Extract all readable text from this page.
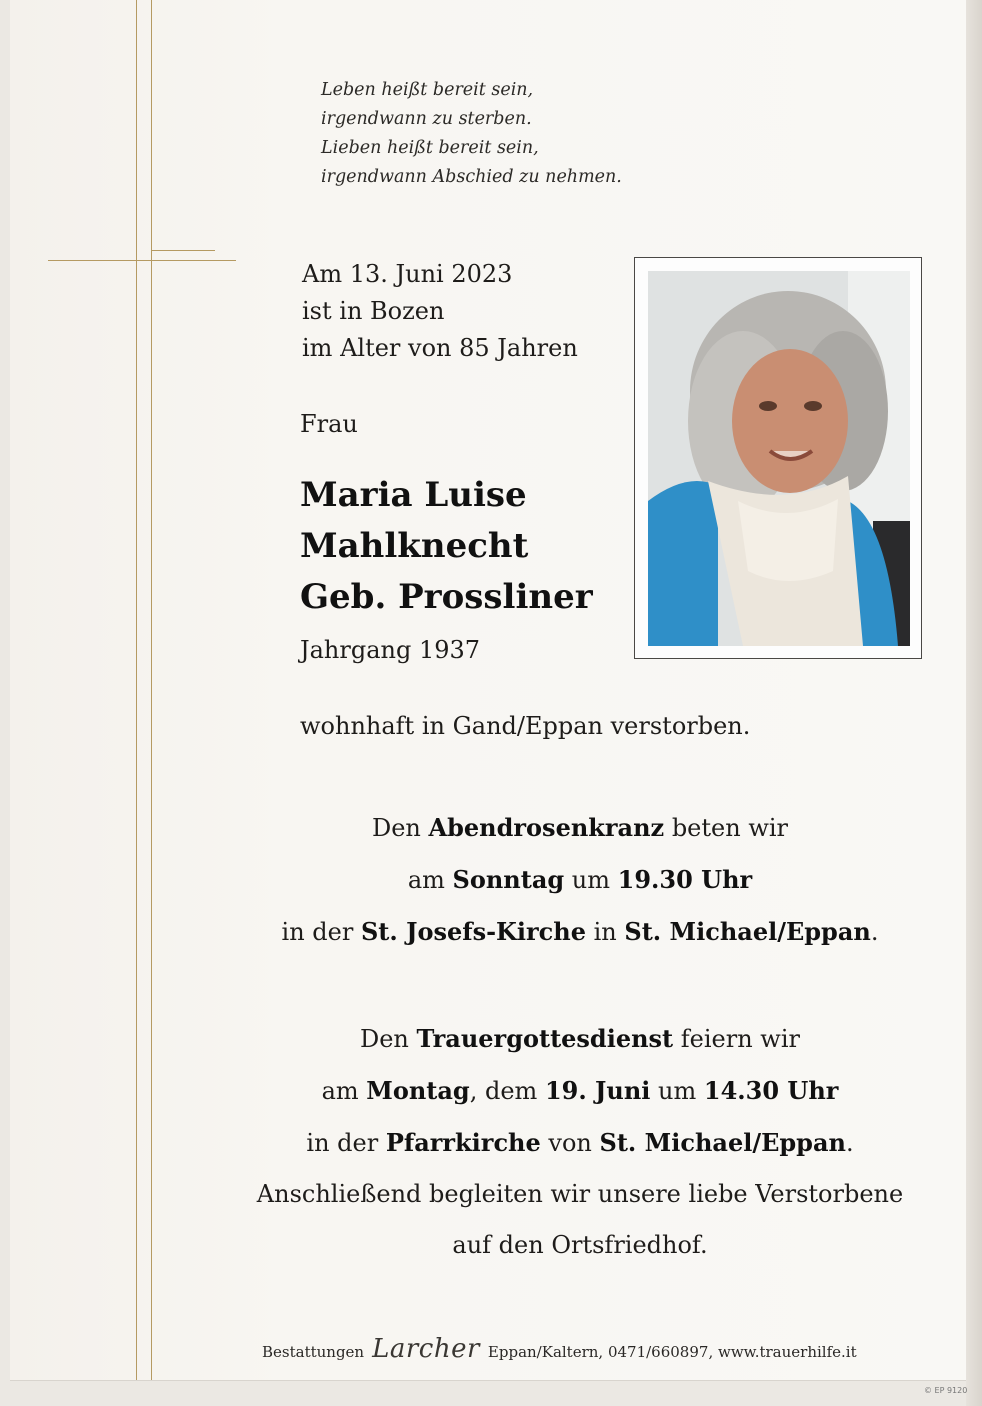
Leben heißt bereit sein,
irgendwann zu sterben.
Lieben heißt bereit sein,
irgendwann Abschied zu nehmen.
Am 13. Juni 2023
ist in Bozen
im Alter von 85 Jahren
Frau
Maria Luise
Mahlknecht
Geb. Prossliner
Jahrgang 1937
wohnhaft in Gand/Eppan verstorben.
Den Abendrosenkranz beten wir
am Sonntag um 19.30 Uhr
in der St. Josefs-Kirche in St. Michael/Eppan.
Den Trauergottesdienst feiern wir
am Montag, dem 19. Juni um 14.30 Uhr
in der Pfarrkirche von St. Michael/Eppan.
Anschließend begleiten wir unsere liebe Verstorbene
auf den Ortsfriedhof.
Bestattungen Larcher Eppan/Kaltern, 0471/660897, www.trauerhilfe.it
© EP 9120
